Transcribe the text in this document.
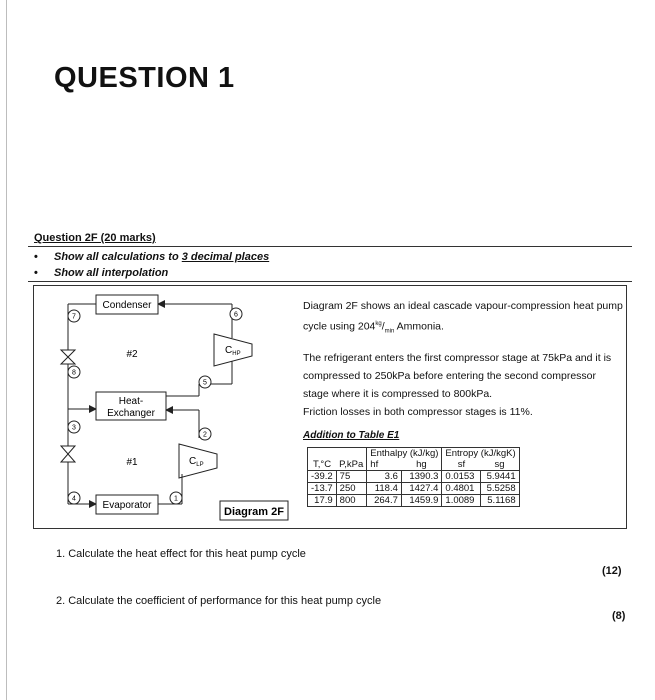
QUESTION 1
Question 2F (20 marks)
• Show all calculations to 3 decimal places
• Show all interpolation
Condenser
Heat-
Exchanger
Evaporator
#2
#1
$C_{HP}$
$C_{LP}$
1
2
3
4
5
6
7
8
Diagram 2F

Diagram 2F shows an ideal cascade vapour-compression heat pump cycle using $204^{kg}/_{min}$ Ammonia.

The refrigerant enters the first compressor stage at 75kPa and it is compressed to 250kPa before entering the second compressor stage where it is compressed to 800kPa.

Friction losses in both compressor stages is 11%.

Addition to Table E1
		Enthalpy (kJ/kg)		Entropy (kJ/kgK)	
T,°C	P,kPa	hf	hg	sf	sg
-39.2	75	3.6	1390.3	0.0153	5.9441
-13.7	250	118.4	1427.4	0.4801	5.5258
17.9	800	264.7	1459.9	1.0089	5.1168
1. Calculate the heat effect for this heat pump cycle
(12)
2. Calculate the coefficient of performance for this heat pump cycle
(8)
